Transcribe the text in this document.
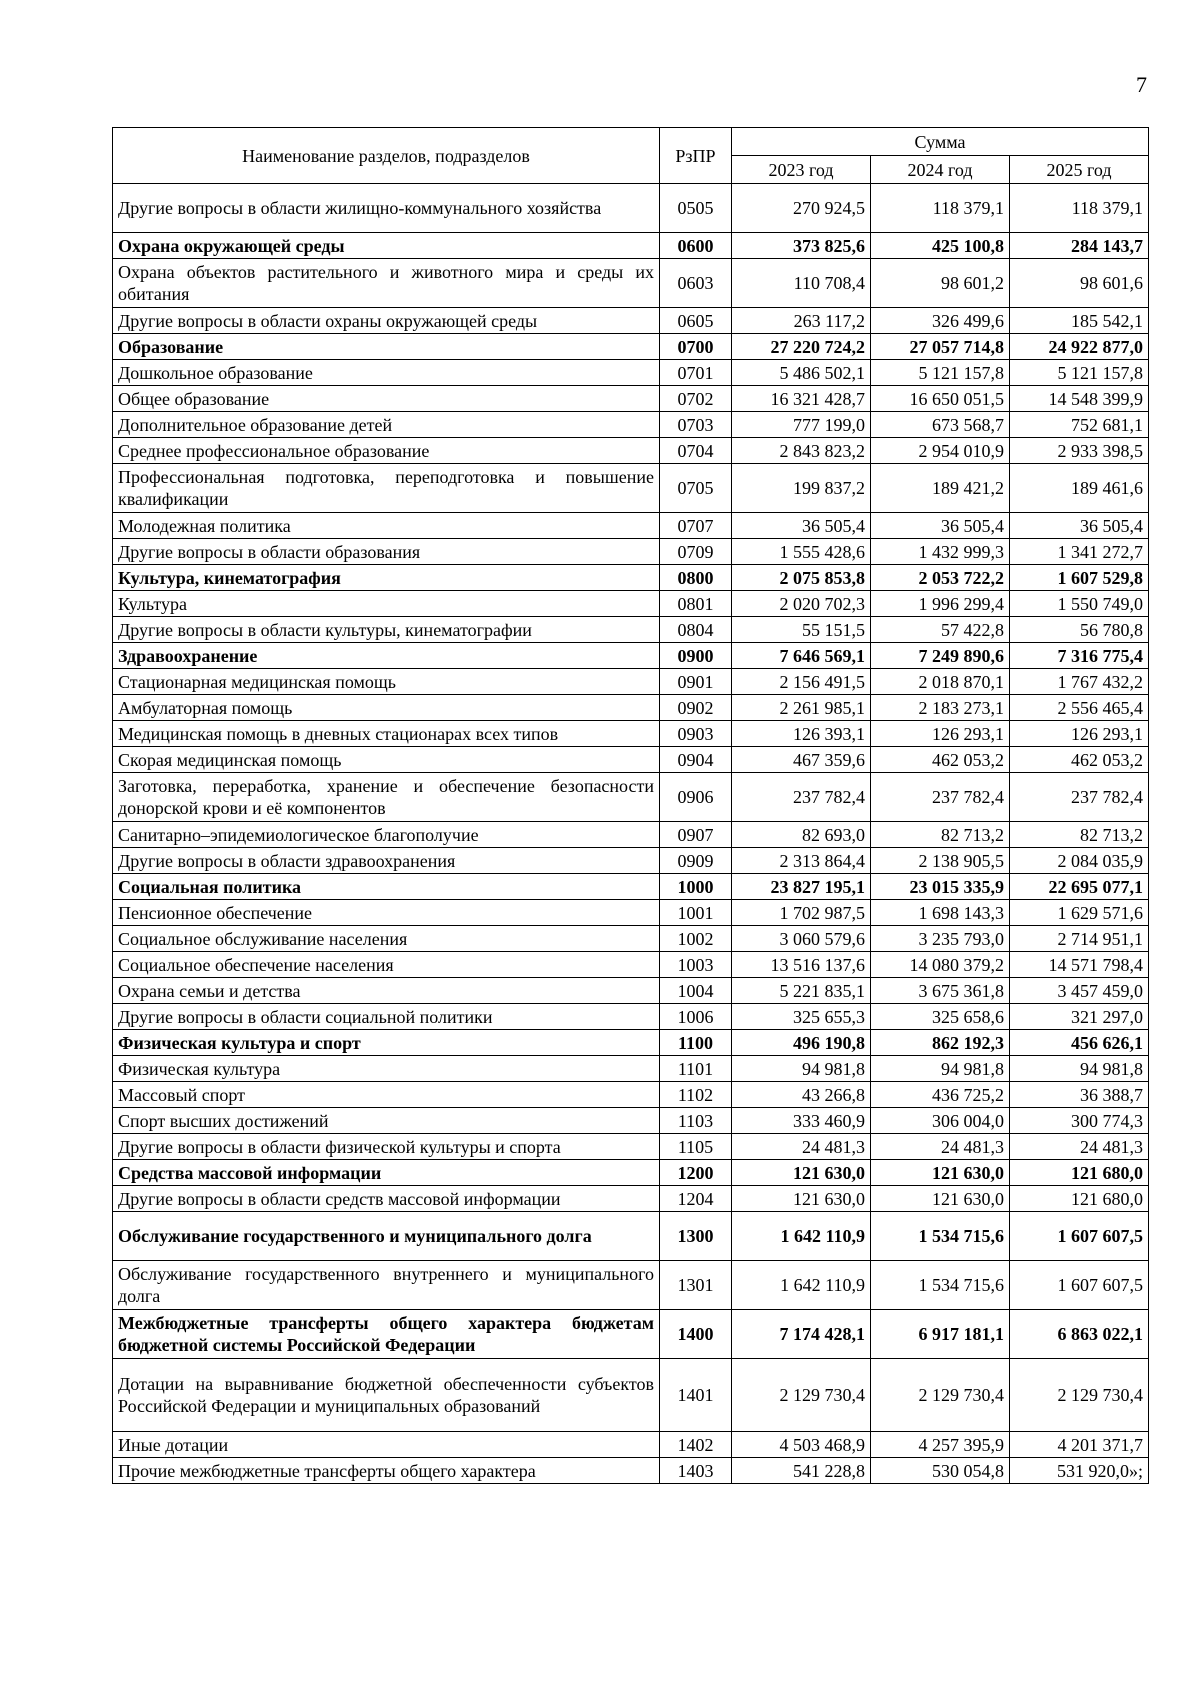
7
Наименование разделов, подразделов	РзПР	Сумма		
		2023 год	2024 год	2025 год
Другие вопросы в области жилищно-коммунального хозяйства	0505	270 924,5	118 379,1	118 379,1
Охрана окружающей среды	0600	373 825,6	425 100,8	284 143,7
Охрана объектов растительного и животного мира и среды их обитания	0603	110 708,4	98 601,2	98 601,6
Другие вопросы в области охраны окружающей среды	0605	263 117,2	326 499,6	185 542,1
Образование	0700	27 220 724,2	27 057 714,8	24 922 877,0
Дошкольное образование	0701	5 486 502,1	5 121 157,8	5 121 157,8
Общее образование	0702	16 321 428,7	16 650 051,5	14 548 399,9
Дополнительное образование детей	0703	777 199,0	673 568,7	752 681,1
Среднее профессиональное образование	0704	2 843 823,2	2 954 010,9	2 933 398,5
Профессиональная подготовка, переподготовка и повышение квалификации	0705	199 837,2	189 421,2	189 461,6
Молодежная политика	0707	36 505,4	36 505,4	36 505,4
Другие вопросы в области образования	0709	1 555 428,6	1 432 999,3	1 341 272,7
Культура, кинематография	0800	2 075 853,8	2 053 722,2	1 607 529,8
Культура	0801	2 020 702,3	1 996 299,4	1 550 749,0
Другие вопросы в области культуры, кинематографии	0804	55 151,5	57 422,8	56 780,8
Здравоохранение	0900	7 646 569,1	7 249 890,6	7 316 775,4
Стационарная медицинская помощь	0901	2 156 491,5	2 018 870,1	1 767 432,2
Амбулаторная помощь	0902	2 261 985,1	2 183 273,1	2 556 465,4
Медицинская помощь в дневных стационарах всех типов	0903	126 393,1	126 293,1	126 293,1
Скорая медицинская помощь	0904	467 359,6	462 053,2	462 053,2
Заготовка, переработка, хранение и обеспечение безопасности донорской крови и её компонентов	0906	237 782,4	237 782,4	237 782,4
Санитарно–эпидемиологическое благополучие	0907	82 693,0	82 713,2	82 713,2
Другие вопросы в области здравоохранения	0909	2 313 864,4	2 138 905,5	2 084 035,9
Социальная политика	1000	23 827 195,1	23 015 335,9	22 695 077,1
Пенсионное обеспечение	1001	1 702 987,5	1 698 143,3	1 629 571,6
Социальное обслуживание населения	1002	3 060 579,6	3 235 793,0	2 714 951,1
Социальное обеспечение населения	1003	13 516 137,6	14 080 379,2	14 571 798,4
Охрана семьи и детства	1004	5 221 835,1	3 675 361,8	3 457 459,0
Другие вопросы в области социальной политики	1006	325 655,3	325 658,6	321 297,0
Физическая культура и спорт	1100	496 190,8	862 192,3	456 626,1
Физическая культура	1101	94 981,8	94 981,8	94 981,8
Массовый спорт	1102	43 266,8	436 725,2	36 388,7
Спорт высших достижений	1103	333 460,9	306 004,0	300 774,3
Другие вопросы в области физической культуры и спорта	1105	24 481,3	24 481,3	24 481,3
Средства массовой информации	1200	121 630,0	121 630,0	121 680,0
Другие вопросы в области средств массовой информации	1204	121 630,0	121 630,0	121 680,0
Обслуживание государственного и муниципального долга	1300	1 642 110,9	1 534 715,6	1 607 607,5
Обслуживание государственного внутреннего и муниципального долга	1301	1 642 110,9	1 534 715,6	1 607 607,5
Межбюджетные трансферты общего характера бюджетам бюджетной системы Российской Федерации	1400	7 174 428,1	6 917 181,1	6 863 022,1
Дотации на выравнивание бюджетной обеспеченности субъектов Российской Федерации и муниципальных образований	1401	2 129 730,4	2 129 730,4	2 129 730,4
Иные дотации	1402	4 503 468,9	4 257 395,9	4 201 371,7
Прочие межбюджетные трансферты общего характера	1403	541 228,8	530 054,8	531 920,0»;
